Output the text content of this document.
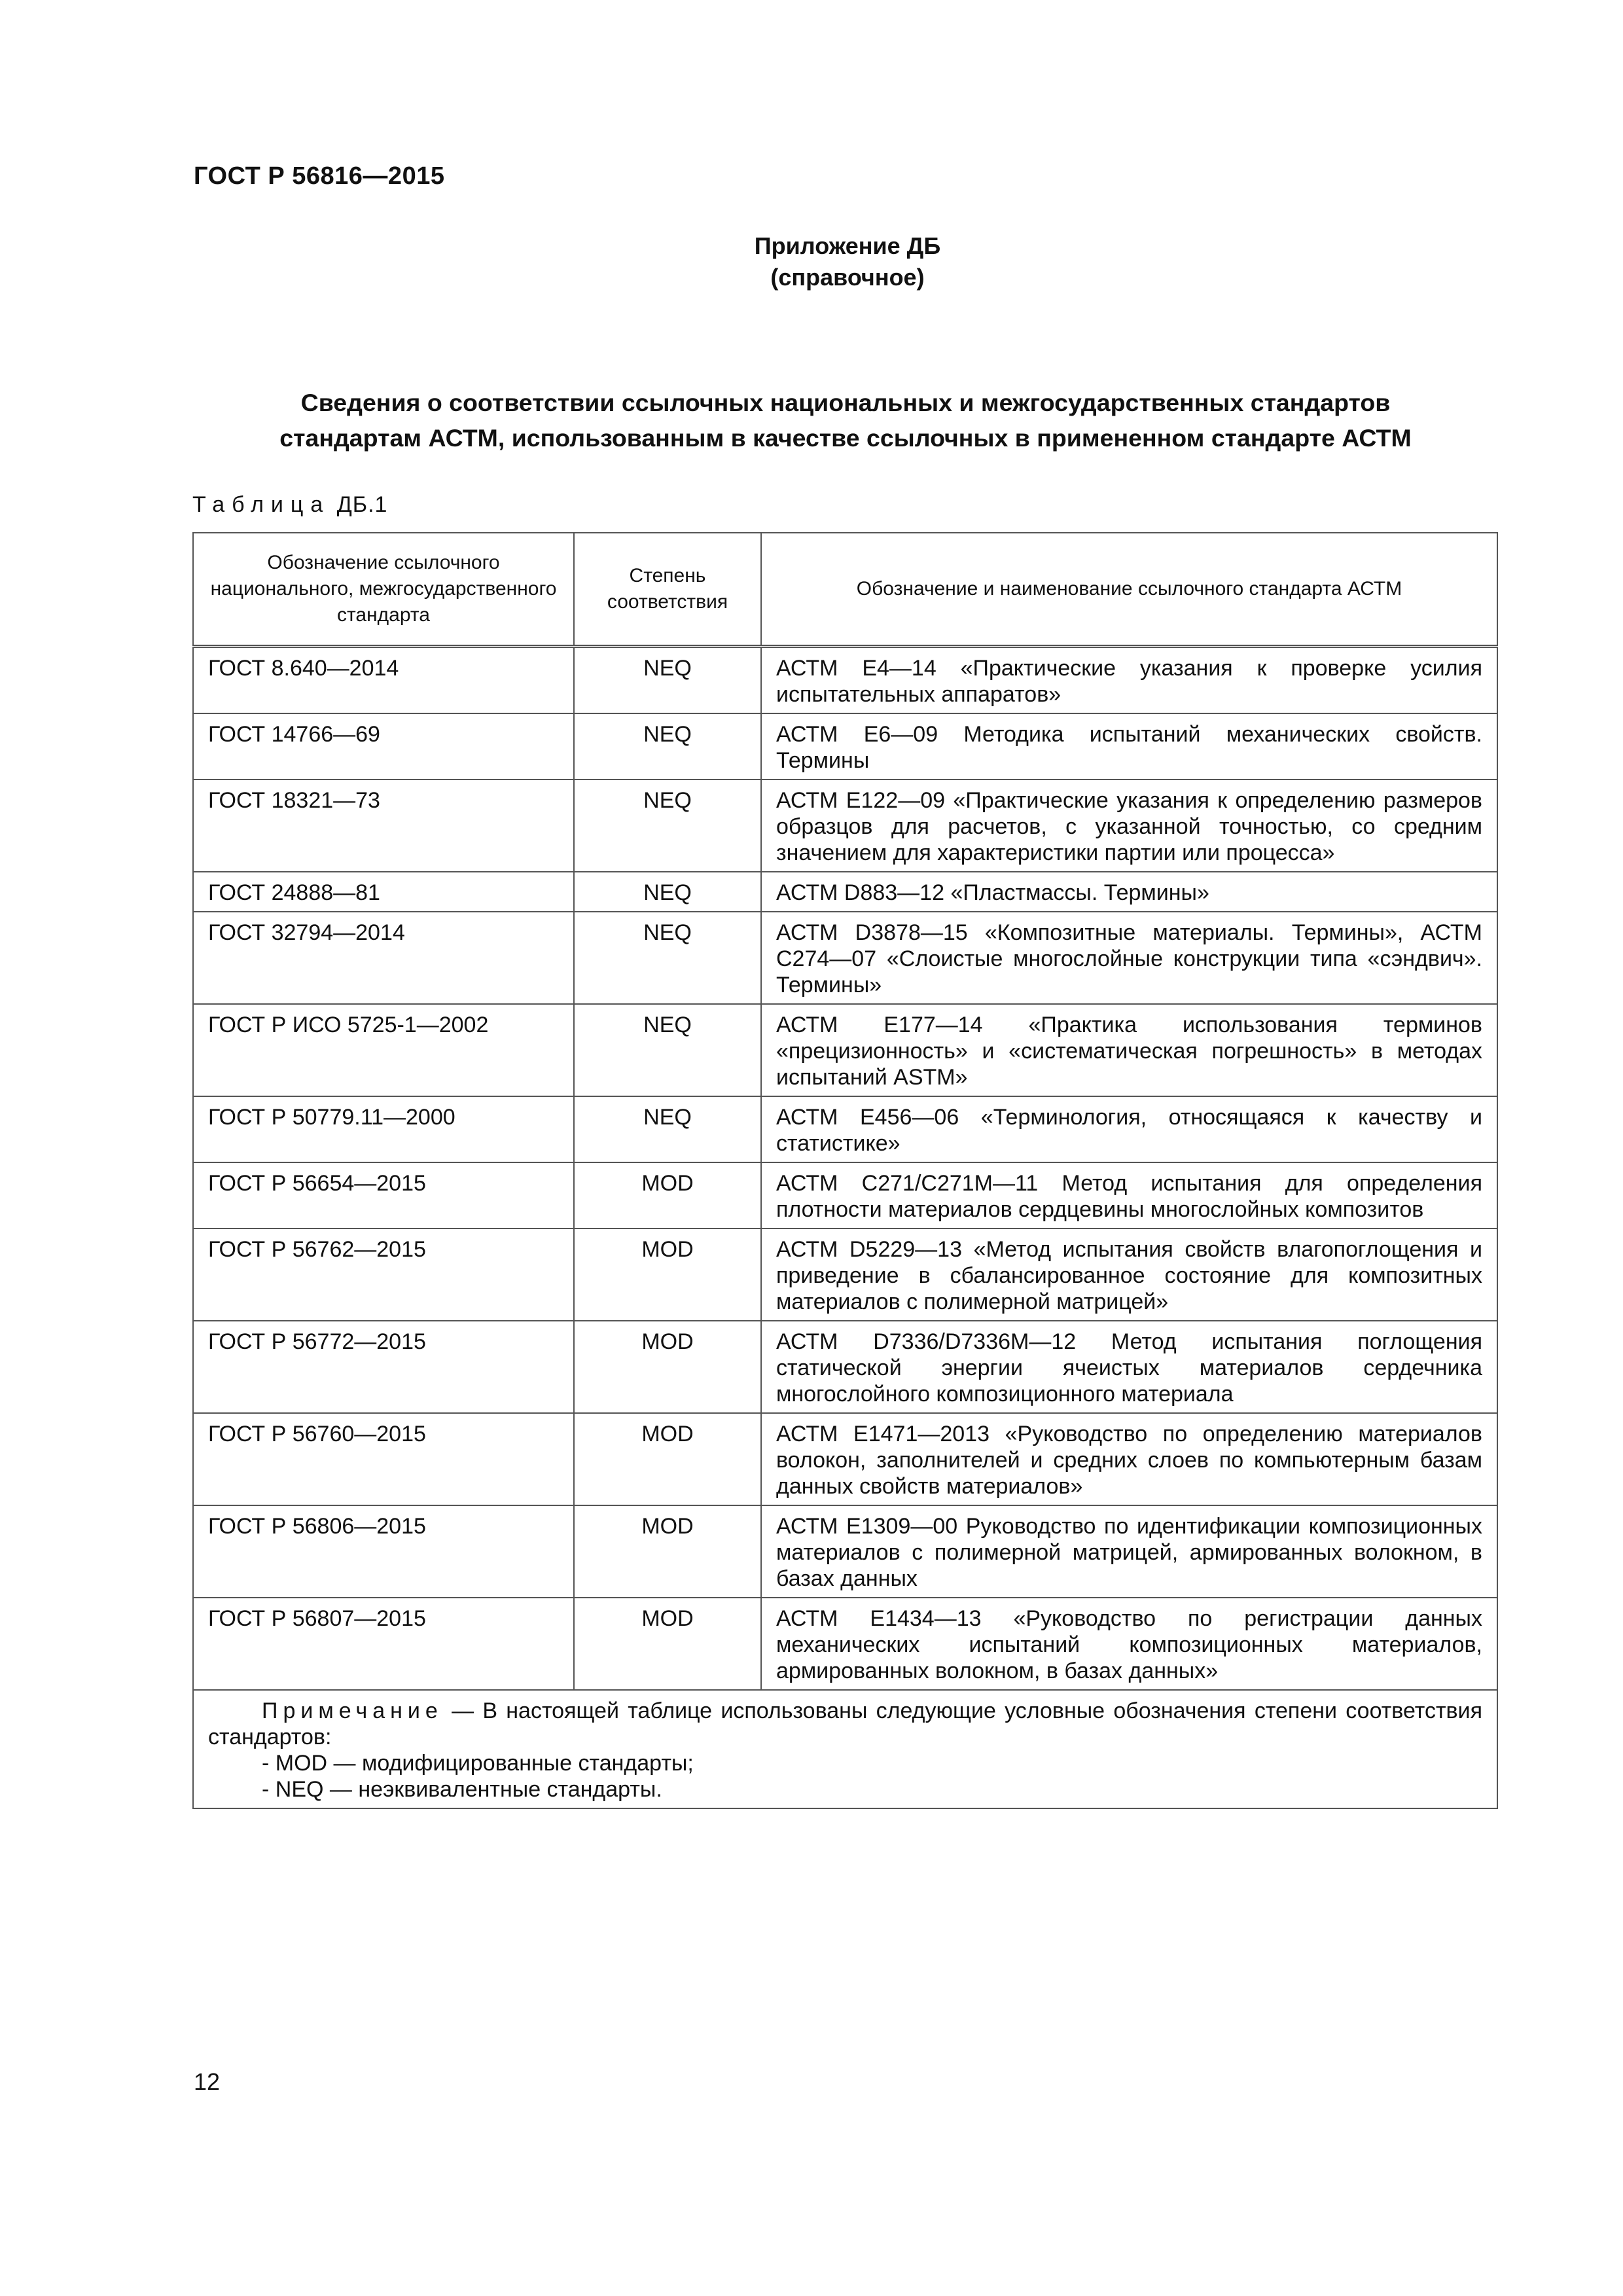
ГОСТ Р 56816—2015
Приложение ДБ
(справочное)
Сведения о соответствии ссылочных национальных и межгосударственных стандартов
стандартам АСТМ, использованным в качестве ссылочных в примененном стандарте АСТМ
Таблица ДБ.1
Обозначение ссылочного национального, межгосударственного стандарта	Степень соответствия	Обозначение и наименование ссылочного стандарта АСТМ
ГОСТ 8.640—2014	NEQ	АСТМ Е4—14 «Практические указания к проверке усилия испытательных аппаратов»
ГОСТ 14766—69	NEQ	АСТМ Е6—09 Методика испытаний механических свойств. Термины
ГОСТ 18321—73	NEQ	АСТМ Е122—09 «Практические указания к определению размеров образцов для расчетов, с указанной точностью, со средним значением для характеристики партии или процесса»
ГОСТ 24888—81	NEQ	АСТМ D883—12 «Пластмассы. Термины»
ГОСТ 32794—2014	NEQ	АСТМ D3878—15 «Композитные материалы. Термины», АСТМ С274—07 «Слоистые многослойные конструкции типа «сэндвич». Термины»
ГОСТ Р ИСО 5725-1—2002	NEQ	АСТМ Е177—14 «Практика использования терминов «прецизионность» и «систематическая погрешность» в методах испытаний ASTM»
ГОСТ Р 50779.11—2000	NEQ	АСТМ Е456—06 «Терминология, относящаяся к качеству и статистике»
ГОСТ Р 56654—2015	MOD	АСТМ С271/С271М—11 Метод испытания для определения плотности материалов сердцевины многослойных композитов
ГОСТ Р 56762—2015	MOD	АСТМ D5229—13 «Метод испытания свойств влагопоглощения и приведение в сбалансированное состояние для композитных материалов с полимерной матрицей»
ГОСТ Р 56772—2015	MOD	АСТМ D7336/D7336M—12 Метод испытания поглощения статической энергии ячеистых материалов сердечника многослойного композиционного материала
ГОСТ Р 56760—2015	MOD	АСТМ Е1471—2013 «Руководство по определению материалов волокон, заполнителей и средних слоев по компьютерным базам данных свойств материалов»
ГОСТ Р 56806—2015	MOD	АСТМ Е1309—00 Руководство по идентификации композиционных материалов с полимерной матрицей, армированных волокном, в базах данных
ГОСТ Р 56807—2015	MOD	АСТМ Е1434—13 «Руководство по регистрации данных механических испытаний композиционных материалов, армированных волокном, в базах данных»

Примечание — В настоящей таблице использованы следующие условные обозначения степени соответствия стандартов:
- MOD — модифицированные стандарты;
- NEQ — неэквивалентные стандарты.		
12
